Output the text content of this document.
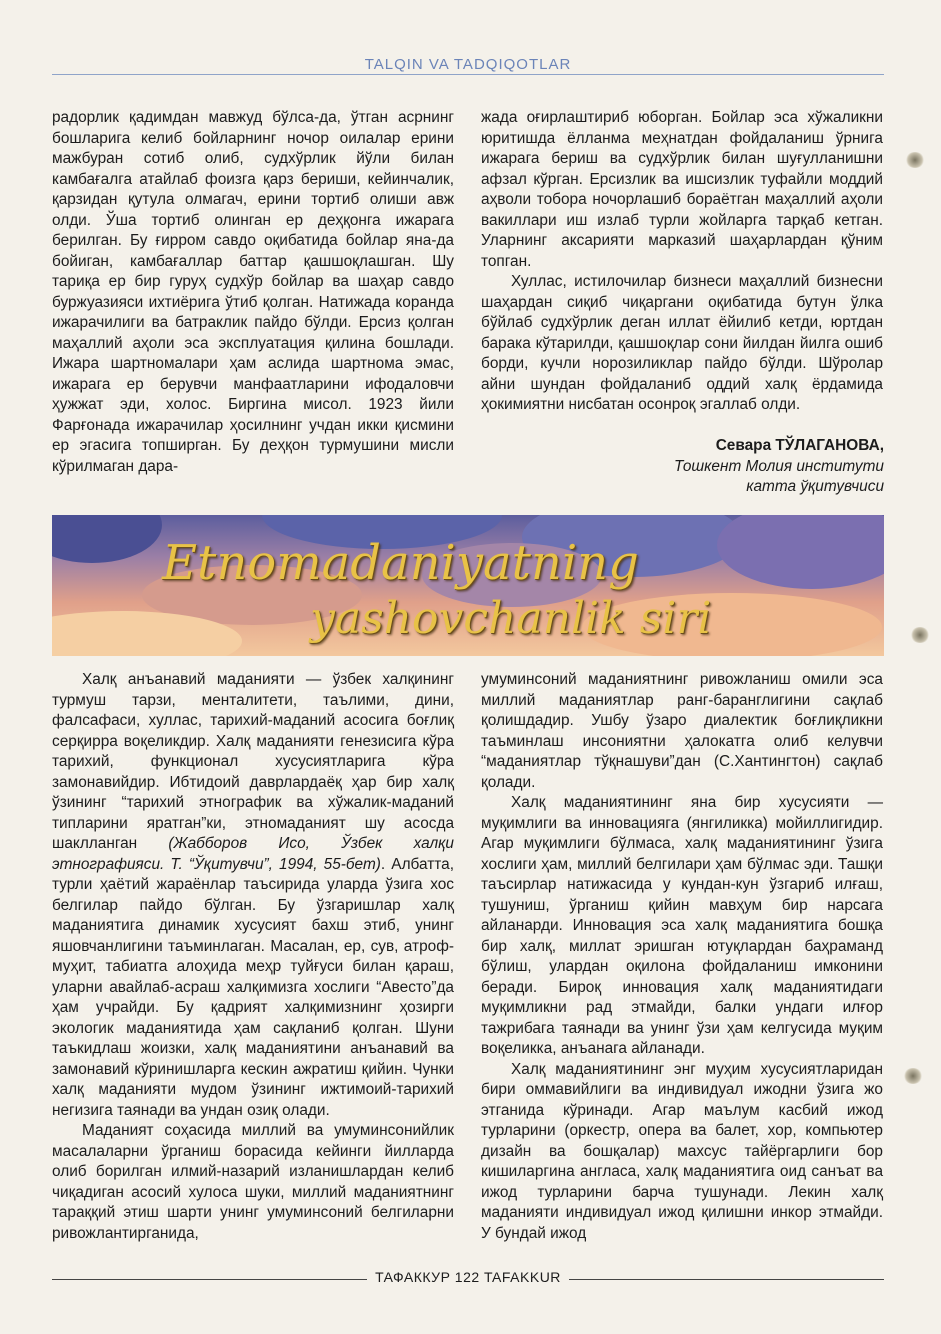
TALQIN VA TADQIQOTLAR

радорлик қадимдан мавжуд бўлса-да, ўтган асрнинг бошларига келиб бойларнинг ночор оилалар ерини мажбуран сотиб олиб, судхўрлик йўли билан камбағалга атайлаб фоизга қарз бериши, кейинчалик, қарзидан қутула олмагач, ерини тортиб олиши авж олди. Ўша тортиб олинган ер деҳқонга ижарага берилган. Бу ғирром савдо оқибатида бойлар яна-да бойиган, камбағаллар баттар қашшоқлашган. Шу тариқа ер бир гуруҳ судхўр бойлар ва шаҳар савдо буржуазияси ихтиёрига ўтиб қолган. Натижада коранда ижарачилиги ва батраклик пайдо бўлди. Ерсиз қолган маҳаллий аҳоли эса эксплуатация қилина бошлади. Ижара шартномалари ҳам аслида шартнома эмас, ижарага ер берувчи манфаатларини ифодаловчи ҳужжат эди, холос. Биргина мисол. 1923 йили Фарғонада ижарачилар ҳосилнинг учдан икки қисмини ер эгасига топширган. Бу деҳқон турмушини мисли кўрилмаган дара-

жада оғирлаштириб юборган. Бойлар эса хўжаликни юритишда ёлланма меҳнатдан фойдаланиш ўрнига ижарага бериш ва судхўрлик билан шуғулланишни афзал кўрган. Ерсизлик ва ишсизлик туфайли моддий аҳволи тобора ночорлашиб бораётган маҳаллий аҳоли вакиллари иш излаб турли жойларга тарқаб кетган. Уларнинг аксарияти марказий шаҳарлардан қўним топган.

Хуллас, истилочилар бизнеси маҳаллий бизнесни шаҳардан сиқиб чиқаргани оқибатида бутун ўлка бўйлаб судхўрлик деган иллат ёйилиб кетди, юртдан барака кўтарилди, қашшоқлар сони йилдан йилга ошиб борди, кучли норозиликлар пайдо бўлди. Шўролар айни шундан фойдаланиб оддий халқ ёрдамида ҳокимиятни нисбатан осонроқ эгаллаб олди.

Севара ТЎЛАГАНОВА,
Тошкент Молия институти
катта ўқитувчиси
Etnomadaniyatning
yashovchanlik siri

Халқ анъанавий маданияти — ўзбек халқининг турмуш тарзи, менталитети, таълими, дини, фалсафаси, хуллас, тарихий-маданий асосига боғлиқ серқирра воқеликдир. Халқ маданияти генезисига кўра тарихий, функционал хусусиятларига кўра замонавийдир. Ибтидоий даврлардаёқ ҳар бир халқ ўзининг “тарихий этнографик ва хўжалик-маданий типларини яратган”ки, этномаданият шу асосда шаклланган (Жабборов Исо, Ўзбек халқи этнографияси. Т. “Ўқитувчи”, 1994, 55-бет). Албатта, турли ҳаётий жараёнлар таъсирида уларда ўзига хос белгилар пайдо бўлган. Бу ўзгаришлар халқ маданиятига динамик хусусият бахш этиб, унинг яшовчанлигини таъминлаган. Масалан, ер, сув, атроф-муҳит, табиатга алоҳида меҳр туйғуси билан қараш, уларни авайлаб-асраш халқимизга хослиги “Авесто”да ҳам учрайди. Бу қадрият халқимизнинг ҳозирги экологик маданиятида ҳам сақланиб қолган. Шуни таъкидлаш жоизки, халқ маданиятини анъанавий ва замонавий кўринишларга кескин ажратиш қийин. Чунки халқ маданияти мудом ўзининг ижтимоий-тарихий негизига таянади ва ундан озиқ олади.

Маданият соҳасида миллий ва умуминсонийлик масалаларни ўрганиш борасида кейинги йилларда олиб борилган илмий-назарий изланишлардан келиб чиқадиган асосий хулоса шуки, миллий маданиятнинг тараққий этиш шарти унинг умуминсоний белгиларни ривожлантирганида,

умуминсоний маданиятнинг ривожланиш омили эса миллий маданиятлар ранг-баранглигини сақлаб қолишдадир. Ушбу ўзаро диалектик боғлиқликни таъминлаш инсониятни ҳалокатга олиб келувчи “маданиятлар тўқнашуви”дан (С.Хантингтон) сақлаб қолади.

Халқ маданиятининг яна бир хусусияти — муқимлиги ва инновацияга (янгиликка) мойиллигидир. Агар муқимлиги бўлмаса, халқ маданиятининг ўзига хослиги ҳам, миллий белгилари ҳам бўлмас эди. Ташқи таъсирлар натижасида у кундан-кун ўзгариб илғаш, тушуниш, ўрганиш қийин мавҳум бир нарсага айланарди. Инновация эса халқ маданиятига бошқа бир халқ, миллат эришган ютуқлардан баҳраманд бўлиш, улардан оқилона фойдаланиш имконини беради. Бироқ инновация халқ маданиятидаги муқимликни рад этмайди, балки ундаги илғор тажрибага таянади ва унинг ўзи ҳам келгусида муқим воқеликка, анъанага айланади.

Халқ маданиятининг энг муҳим хусусиятларидан бири оммавийлиги ва индивидуал ижодни ўзига жо этганида кўринади. Агар маълум касбий ижод турларини (оркестр, опера ва балет, хор, компьютер дизайн ва бошқалар) махсус тайёргарлиги бор кишиларгина англаса, халқ маданиятига оид санъат ва ижод турларини барча тушунади. Лекин халқ маданияти индивидуал ижод қилишни инкор этмайди. У бундай ижод

ТАФАККУР 122 TAFAKKUR
